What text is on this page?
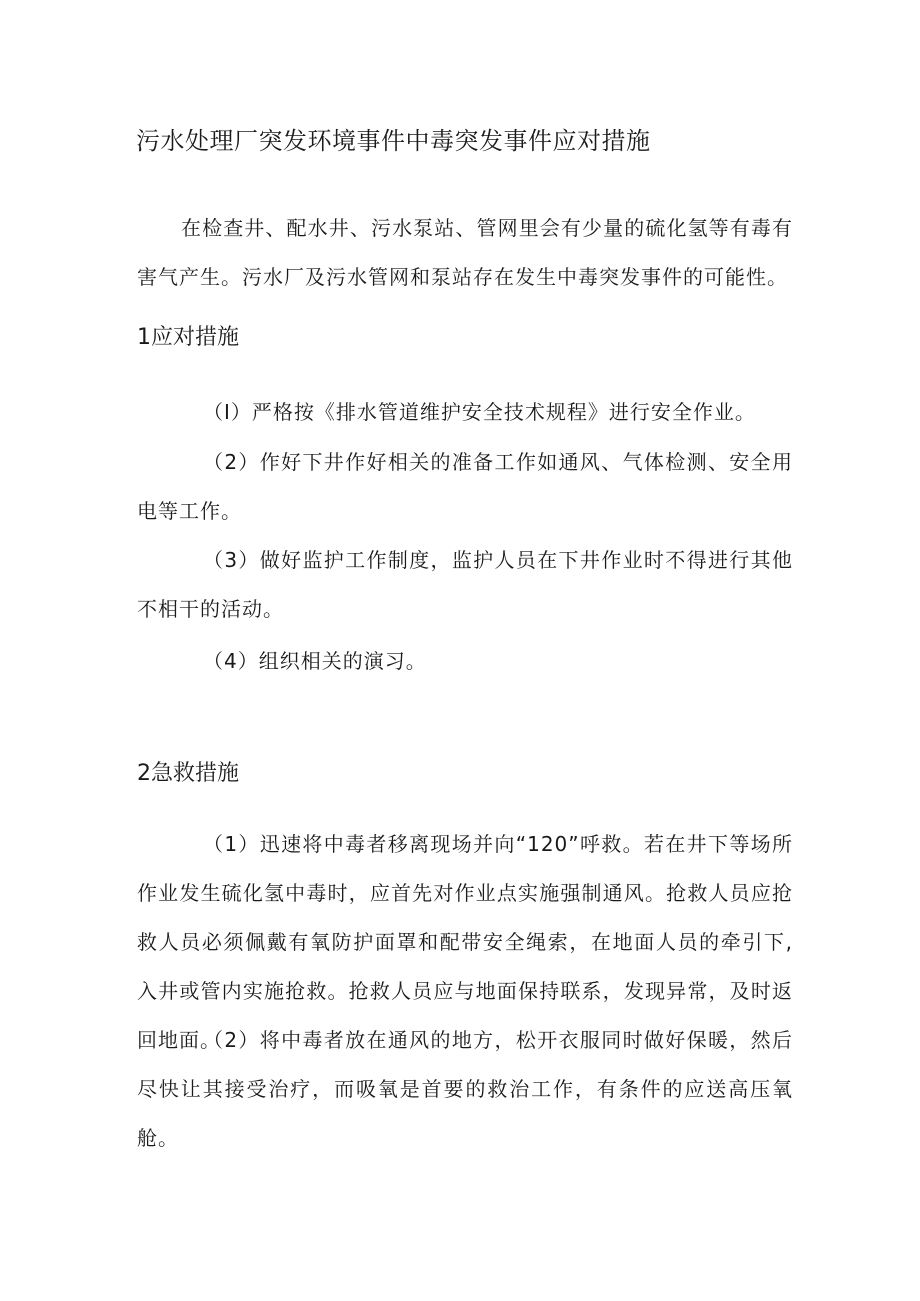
污水处理厂突发环境事件中毒突发事件应对措施
在检查井、配水井、污水泵站、管网里会有少量的硫化氢等有毒有害气产生。污水厂及污水管网和泵站存在发生中毒突发事件的可能性。
1应对措施
（I）严格按《排水管道维护安全技术规程》进行安全作业。
（2）作好下井作好相关的准备工作如通风、气体检测、安全用电等工作。
（3）做好监护工作制度，监护人员在下井作业时不得进行其他不相干的活动。
（4）组织相关的演习。
2急救措施
（1）迅速将中毒者移离现场并向“120”呼救。若在井下等场所作业发生硫化氢中毒时，应首先对作业点实施强制通风。抢救人员应抢救人员必须佩戴有氧防护面罩和配带安全绳索，在地面人员的牵引下,入井或管内实施抢救。抢救人员应与地面保持联系，发现异常，及时返回地面。
（2）将中毒者放在通风的地方，松开衣服同时做好保暖，然后尽快让其接受治疗，而吸氧是首要的救治工作，有条件的应送高压氧舱。
